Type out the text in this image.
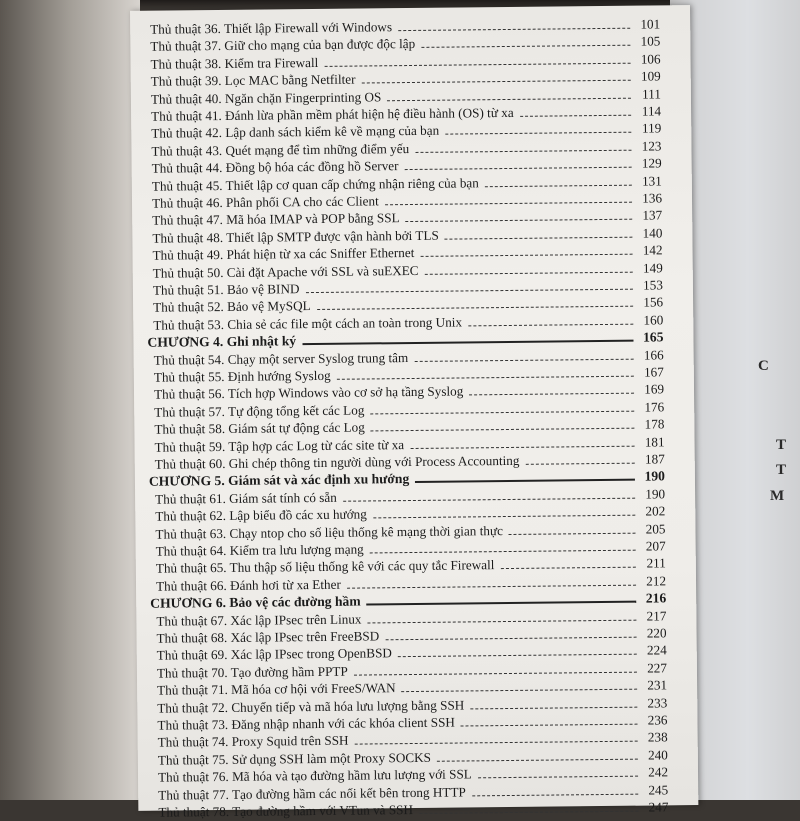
C
T
T
M
Thủ thuật 36. Thiết lập Firewall với Windows	101
Thủ thuật 37. Giữ cho mạng của bạn được độc lập	105
Thủ thuật 38. Kiểm tra Firewall	106
Thủ thuật 39. Lọc MAC bằng Netfilter	109
Thủ thuật 40. Ngăn chặn Fingerprinting OS	111
Thủ thuật 41. Đánh lừa phần mềm phát hiện hệ điều hành (OS) từ xa	114
Thủ thuật 42. Lập danh sách kiểm kê về mạng của bạn	119
Thủ thuật 43. Quét mạng để tìm những điểm yếu	123
Thủ thuật 44. Đồng bộ hóa các đồng hồ Server	129
Thủ thuật 45. Thiết lập cơ quan cấp chứng nhận riêng của bạn	131
Thủ thuật 46. Phân phối CA cho các Client	136
Thủ thuật 47. Mã hóa IMAP và POP bằng SSL	137
Thủ thuật 48. Thiết lập SMTP được vận hành bởi TLS	140
Thủ thuật 49. Phát hiện từ xa các Sniffer Ethernet	142
Thủ thuật 50. Cài đặt Apache với SSL và suEXEC	149
Thủ thuật 51. Bảo vệ BIND	153
Thủ thuật 52. Bảo vệ MySQL	156
Thủ thuật 53. Chia sẻ các file một cách an toàn trong Unix	160
CHƯƠNG 4. Ghi nhật ký	165
Thủ thuật 54. Chạy một server Syslog trung tâm	166
Thủ thuật 55. Định hướng Syslog	167
Thủ thuật 56. Tích hợp Windows vào cơ sở hạ tầng Syslog	169
Thủ thuật 57. Tự động tổng kết các Log	176
Thủ thuật 58. Giám sát tự động các Log	178
Thủ thuật 59. Tập hợp các Log từ các site từ xa	181
Thủ thuật 60. Ghi chép thông tin người dùng với Process Accounting	187
CHƯƠNG 5. Giám sát và xác định xu hướng	190
Thủ thuật 61. Giám sát tính có sẵn	190
Thủ thuật 62. Lập biểu đồ các xu hướng	202
Thủ thuật 63. Chạy ntop cho số liệu thống kê mạng thời gian thực	205
Thủ thuật 64. Kiểm tra lưu lượng mạng	207
Thủ thuật 65. Thu thập số liệu thống kê với các quy tắc Firewall	211
Thủ thuật 66. Đánh hơi từ xa Ether	212
CHƯƠNG 6. Bảo vệ các đường hầm	216
Thủ thuật 67. Xác lập IPsec trên Linux	217
Thủ thuật 68. Xác lập IPsec trên FreeBSD	220
Thủ thuật 69. Xác lập IPsec trong OpenBSD	224
Thủ thuật 70. Tạo đường hầm PPTP	227
Thủ thuật 71. Mã hóa cơ hội với FreeS/WAN	231
Thủ thuật 72. Chuyển tiếp và mã hóa lưu lượng bằng SSH	233
Thủ thuật 73. Đăng nhập nhanh với các khóa client SSH	236
Thủ thuật 74. Proxy Squid trên SSH	238
Thủ thuật 75. Sử dụng SSH làm một Proxy SOCKS	240
Thủ thuật 76. Mã hóa và tạo đường hầm lưu lượng với SSL	242
Thủ thuật 77. Tạo đường hầm các nối kết bên trong HTTP	245
Thủ thuật 78. Tạo đường hầm với VTun và SSH	247
